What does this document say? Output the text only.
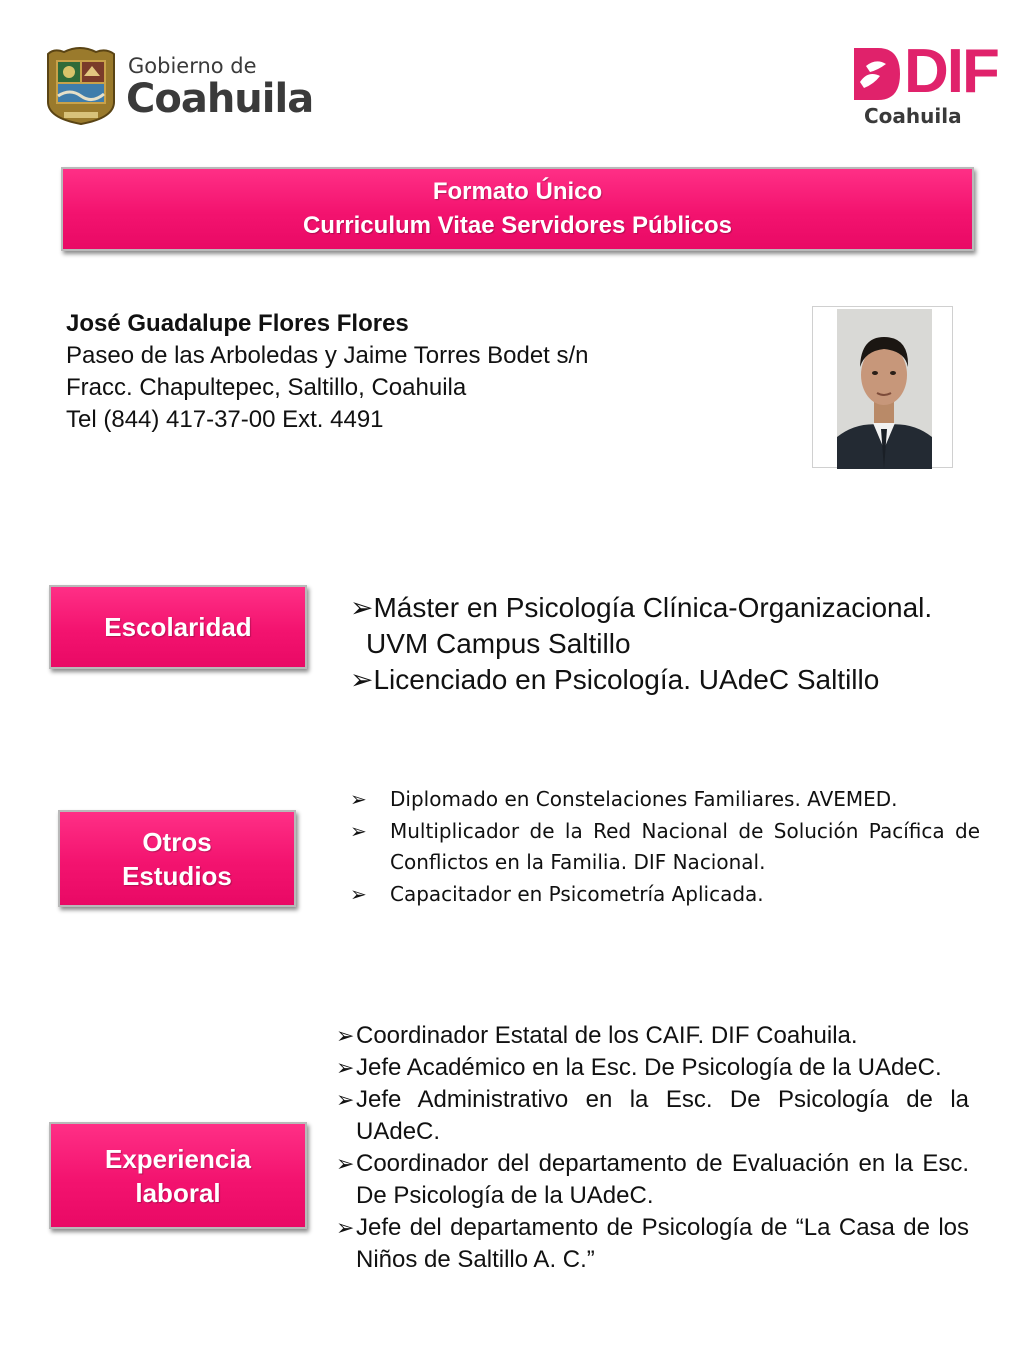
Gobierno de
Coahuila	DIF
Coahuila
Formato Único
Curriculum Vitae Servidores Públicos
José Guadalupe Flores Flores
Paseo de las Arboledas y Jaime Torres Bodet s/n
Fracc. Chapultepec, Saltillo, Coahuila
Tel (844) 417-37-00 Ext. 4491
Escolaridad
➢ Máster en Psicología Clínica-Organizacional.
UVM Campus Saltillo
➢ Licenciado en Psicología. UAdeC Saltillo
Otros
Estudios
➢	Diplomado en Constelaciones Familiares. AVEMED.
➢	Multiplicador de la Red Nacional de Solución Pacífica de Conflictos en la Familia. DIF Nacional.
➢	Capacitador en Psicometría Aplicada.
Experiencia
laboral
➢ Coordinador Estatal de los CAIF. DIF Coahuila.
➢ Jefe Académico en la Esc. De Psicología de la UAdeC.
➢ Jefe Administrativo en la Esc. De Psicología de la UAdeC.
➢ Coordinador del departamento de Evaluación en la Esc. De Psicología de la UAdeC.
➢ Jefe del departamento de Psicología de “La Casa de los Niños de Saltillo A. C.”
